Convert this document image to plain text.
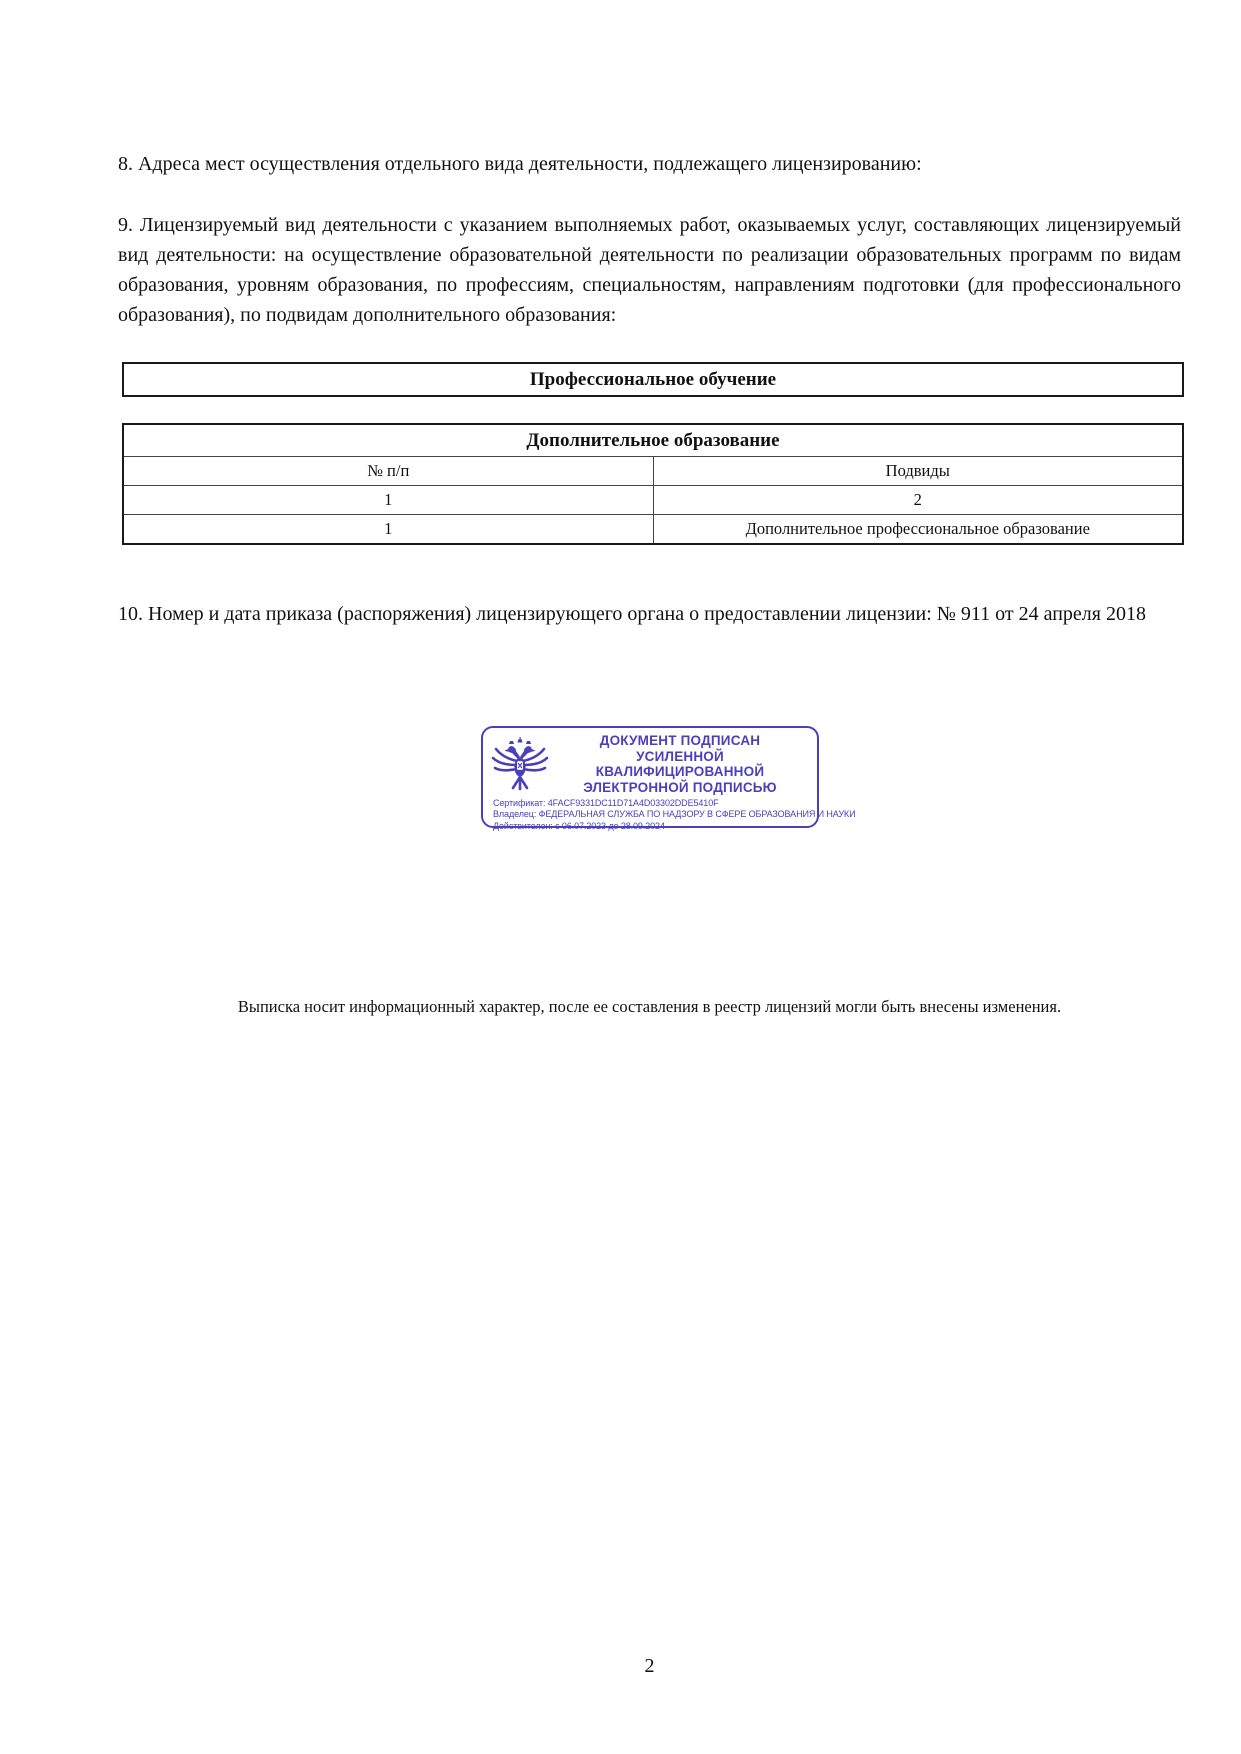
8. Адреса мест осуществления отдельного вида деятельности, подлежащего лицензированию:

9. Лицензируемый вид деятельности с указанием выполняемых работ, оказываемых услуг, составляющих лицензируемый вид деятельности: на осуществление образовательной деятельности по реализации образовательных программ по видам образования, уровням образования, по профессиям, специальностям, направлениям подготовки (для профессионального образования), по подвидам дополнительного образования:

Профессиональное обучение
Дополнительное образование	
№ п/п	Подвиды
1	2
1	Дополнительное профессиональное образование

10. Номер и дата приказа (распоряжения) лицензирующего органа о предоставлении лицензии: № 911 от 24 апреля 2018

ДОКУМЕНТ ПОДПИСАН
УСИЛЕННОЙ КВАЛИФИЦИРОВАННОЙ
ЭЛЕКТРОННОЙ ПОДПИСЬЮ
Сертификат: 4FACF9331DC11D71A4D03302DDE5410F
Владелец: ФЕДЕРАЛЬНАЯ СЛУЖБА ПО НАДЗОРУ В СФЕРЕ ОБРАЗОВАНИЯ И НАУКИ
Действителен: с 06.07.2023 до 28.09.2024

Выписка носит информационный характер, после ее составления в реестр лицензий могли быть внесены изменения.

2
